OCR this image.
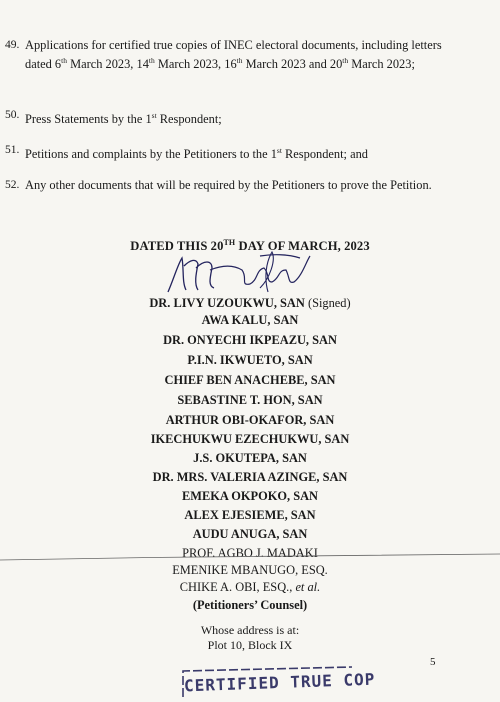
49. Applications for certified true copies of INEC electoral documents, including letters dated 6th March 2023, 14th March 2023, 16th March 2023 and 20th March 2023;
50. Press Statements by the 1st Respondent;
51. Petitions and complaints by the Petitioners to the 1st Respondent; and
52. Any other documents that will be required by the Petitioners to prove the Petition.
DATED THIS 20TH DAY OF MARCH, 2023
DR. LIVY UZOUKWU, SAN (Signed)
AWA KALU, SAN
DR. ONYECHI IKPEAZU, SAN
P.I.N. IKWUETO, SAN
CHIEF BEN ANACHEBE, SAN
SEBASTINE T. HON, SAN
ARTHUR OBI-OKAFOR, SAN
IKECHUKWU EZECHUKWU, SAN
J.S. OKUTEPA, SAN
DR. MRS. VALERIA AZINGE, SAN
EMEKA OKPOKO, SAN
ALEX EJESIEME, SAN
AUDU ANUGA, SAN
PROF. AGBO J. MADAKI
EMENIKE MBANUGO, ESQ.
CHIKE A. OBI, ESQ., et al.
(Petitioners’ Counsel)
Whose address is at:
Plot 10, Block IX
5
CERTIFIED TRUE COP
